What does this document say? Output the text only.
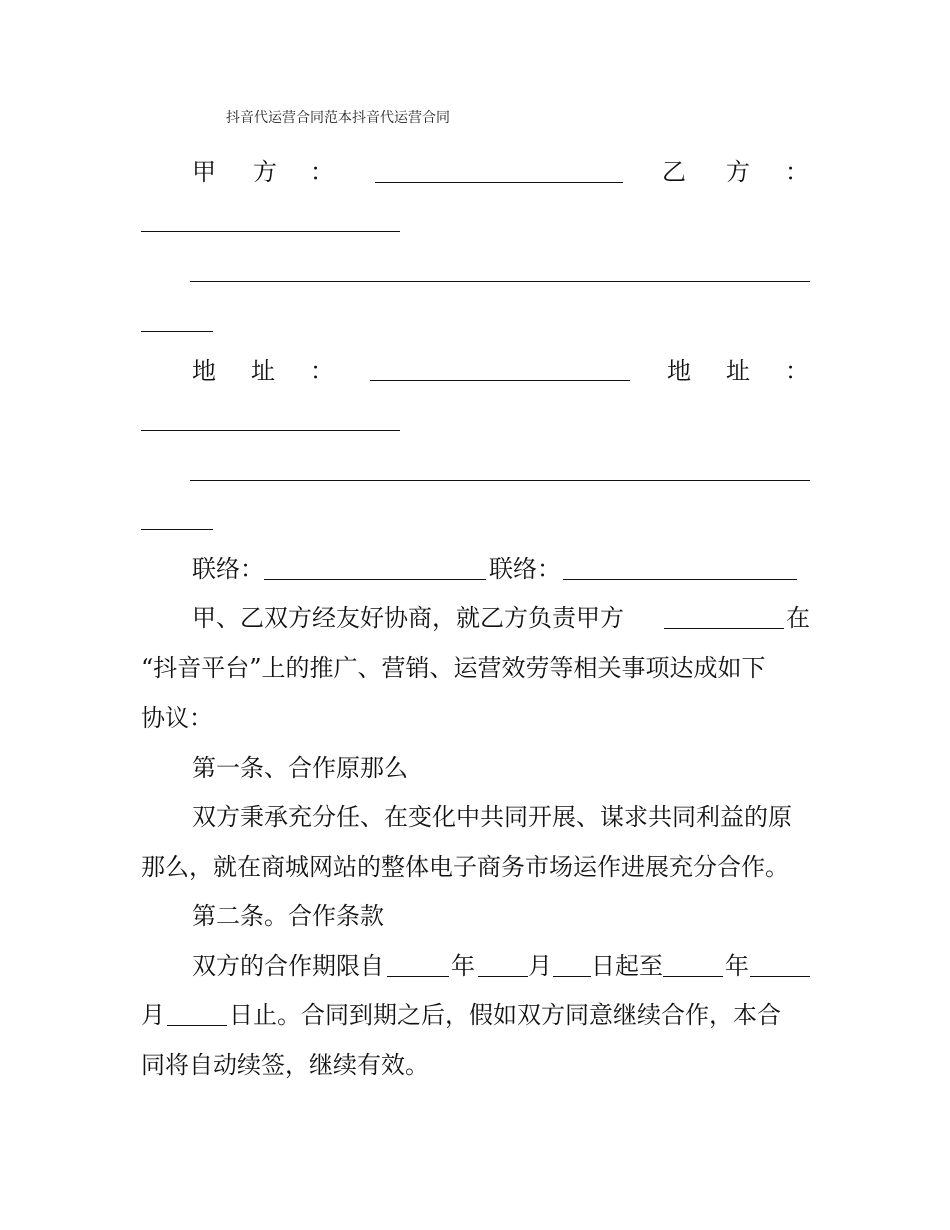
抖音代运营合同范本抖音代运营合同
甲 方 ：	乙 方 ：
地 址 ：	地 址 ：
联络：	联络：
甲、乙双方经友好协商，就乙方负责甲方	在
“抖音平台”上的推广、营销、运营效劳等相关事项达成如下
协议：
第一条、合作原那么
双方秉承充分任、在变化中共同开展、谋求共同利益的原
那么，就在商城网站的整体电子商务市场运作进展充分合作。
第二条。合作条款
双方的合作期限自	年 月 日起至	年
月	日止。合同到期之后，假如双方同意继续合作，本合
同将自动续签，继续有效。
